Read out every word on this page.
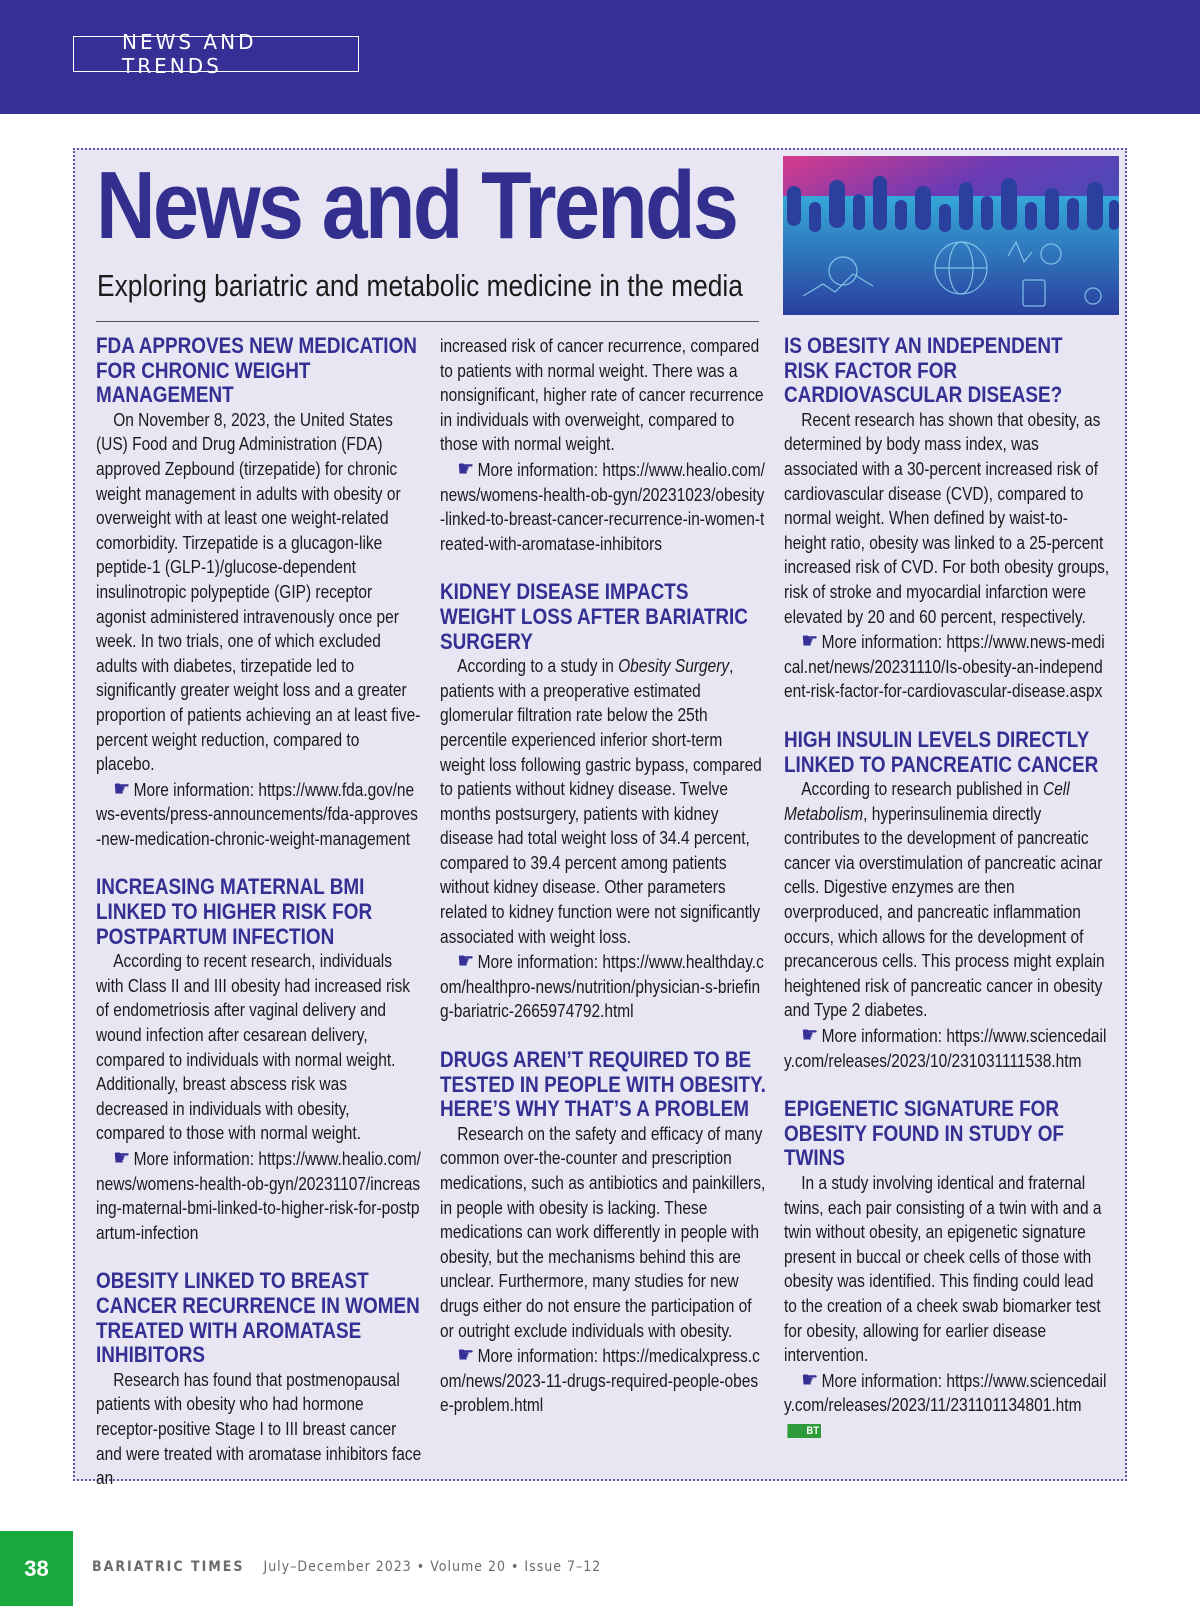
NEWS AND TRENDS
News and Trends
Exploring bariatric and metabolic medicine in the media
FDA APPROVES NEW MEDICATION FOR CHRONIC WEIGHT MANAGEMENT

On November 8, 2023, the United States (US) Food and Drug Administration (FDA) approved Zepbound (tirzepatide) for chronic weight management in adults with obesity or overweight with at least one weight-related comorbidity. Tirzepatide is a glucagon-like peptide-1 (GLP-1)/glucose-dependent insulinotropic polypeptide (GIP) receptor agonist administered intravenously once per week. In two trials, one of which excluded adults with diabetes, tirzepatide led to significantly greater weight loss and a greater proportion of patients achieving an at least five-percent weight reduction, compared to placebo.

☛ More information: https://www.fda.gov/news-events/press-announcements/fda-approves-new-medication-chronic-weight-management

INCREASING MATERNAL BMI LINKED TO HIGHER RISK FOR POSTPARTUM INFECTION

According to recent research, individuals with Class II and III obesity had increased risk of endometriosis after vaginal delivery and wound infection after cesarean delivery, compared to individuals with normal weight. Additionally, breast abscess risk was decreased in individuals with obesity, compared to those with normal weight.

☛ More information: https://www.healio.com/news/womens-health-ob-gyn/20231107/increasing-maternal-bmi-linked-to-higher-risk-for-postpartum-infection

OBESITY LINKED TO BREAST CANCER RECURRENCE IN WOMEN TREATED WITH AROMATASE INHIBITORS

Research has found that postmenopausal patients with obesity who had hormone receptor-positive Stage I to III breast cancer and were treated with aromatase inhibitors face an

increased risk of cancer recurrence, compared to patients with normal weight. There was a nonsignificant, higher rate of cancer recurrence in individuals with overweight, compared to those with normal weight.

☛ More information: https://www.healio.com/news/womens-health-ob-gyn/20231023/obesity-linked-to-breast-cancer-recurrence-in-women-treated-with-aromatase-inhibitors

KIDNEY DISEASE IMPACTS WEIGHT LOSS AFTER BARIATRIC SURGERY

According to a study in Obesity Surgery, patients with a preoperative estimated glomerular filtration rate below the 25th percentile experienced inferior short-term weight loss following gastric bypass, compared to patients without kidney disease. Twelve months postsurgery, patients with kidney disease had total weight loss of 34.4 percent, compared to 39.4 percent among patients without kidney disease. Other parameters related to kidney function were not significantly associated with weight loss.

☛ More information: https://www.healthday.com/healthpro-news/nutrition/physician-s-briefing-bariatric-2665974792.html

DRUGS AREN’T REQUIRED TO BE TESTED IN PEOPLE WITH OBESITY. HERE’S WHY THAT’S A PROBLEM

Research on the safety and efficacy of many common over-the-counter and prescription medications, such as antibiotics and painkillers, in people with obesity is lacking. These medications can work differently in people with obesity, but the mechanisms behind this are unclear. Furthermore, many studies for new drugs either do not ensure the participation of or outright exclude individuals with obesity.

☛ More information: https://medicalxpress.com/news/2023-11-drugs-required-people-obese-problem.html

IS OBESITY AN INDEPENDENT RISK FACTOR FOR CARDIOVASCULAR DISEASE?

Recent research has shown that obesity, as determined by body mass index, was associated with a 30-percent increased risk of cardiovascular disease (CVD), compared to normal weight. When defined by waist-to-height ratio, obesity was linked to a 25-percent increased risk of CVD. For both obesity groups, risk of stroke and myocardial infarction were elevated by 20 and 60 percent, respectively.

☛ More information: https://www.news-medical.net/news/20231110/Is-obesity-an-independent-risk-factor-for-cardiovascular-disease.aspx

HIGH INSULIN LEVELS DIRECTLY LINKED TO PANCREATIC CANCER

According to research published in Cell Metabolism, hyperinsulinemia directly contributes to the development of pancreatic cancer via overstimulation of pancreatic acinar cells. Digestive enzymes are then overproduced, and pancreatic inflammation occurs, which allows for the development of precancerous cells. This process might explain heightened risk of pancreatic cancer in obesity and Type 2 diabetes.

☛ More information: https://www.sciencedaily.com/releases/2023/10/231031111538.htm

EPIGENETIC SIGNATURE FOR OBESITY FOUND IN STUDY OF TWINS

In a study involving identical and fraternal twins, each pair consisting of a twin with and a twin without obesity, an epigenetic signature present in buccal or cheek cells of those with obesity was identified. This finding could lead to the creation of a cheek swab biomarker test for obesity, allowing for earlier disease intervention.

☛ More information: https://www.sciencedaily.com/releases/2023/11/231101134801.htmBT

38	BARIATRIC TIMES July–December 2023 • Volume 20 • Issue 7–12
